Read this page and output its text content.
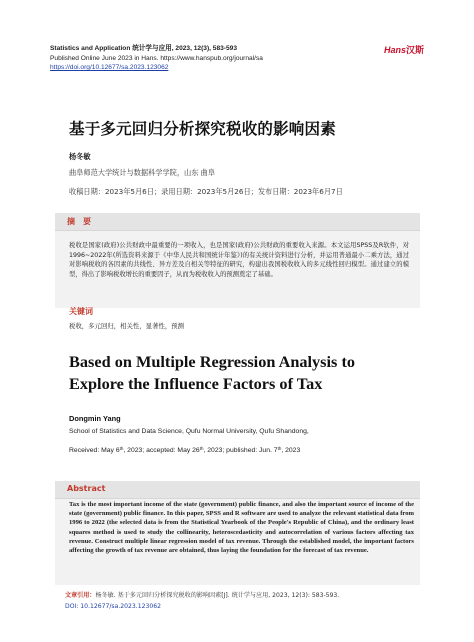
Statistics and Application 统计学与应用, 2023, 12(3), 583-593
Published Online June 2023 in Hans. https://www.hanspub.org/journal/sa
https://doi.org/10.12677/sa.2023.123062
Hans汉斯
基于多元回归分析探究税收的影响因素
杨冬敏
曲阜师范大学统计与数据科学学院，山东 曲阜
收稿日期：2023年5月6日；录用日期：2023年5月26日；发布日期：2023年6月7日
摘　要
税收是国家(政府)公共财政中最重要的一项收入，也是国家(政府)公共财政的重要收入来源。本文运用SPSS及R软件，对1996~2022年(所选资料来源于《中华人民共和国统计年鉴》)的有关统计资料进行分析，并运用普通最小二乘方法，通过对影响税收的各因素的共线性、异方差及自相关等特征的研究，构建出我国税收收入的多元线性回归模型。通过建立的模型，得出了影响税收增长的重要因子，从而为税收收入的预测奠定了基础。
关键词
税收，多元回归，相关性，显著性，预测
Based on Multiple Regression Analysis to Explore the Influence Factors of Tax
Dongmin Yang
School of Statistics and Data Science, Qufu Normal University, Qufu Shandong,
Received: May 6th, 2023; accepted: May 26th, 2023; published: Jun. 7th, 2023
Abstract
Tax is the most important income of the state (government) public finance, and also the important source of income of the state (government) public finance. In this paper, SPSS and R software are used to analyze the relevant statistical data from 1996 to 2022 (the selected data is from the Statistical Yearbook of the People's Republic of China), and the ordinary least squares method is used to study the collinearity, heteroscedasticity and autocorrelation of various factors affecting tax revenue. Construct multiple linear regression model of tax revenue. Through the established model, the important factors affecting the growth of tax revenue are obtained, thus laying the foundation for the forecast of tax revenue.
文章引用：杨冬敏. 基于多元回归分析探究税收的影响因素[J]. 统计学与应用, 2023, 12(3): 583-593.
DOI: 10.12677/sa.2023.123062
